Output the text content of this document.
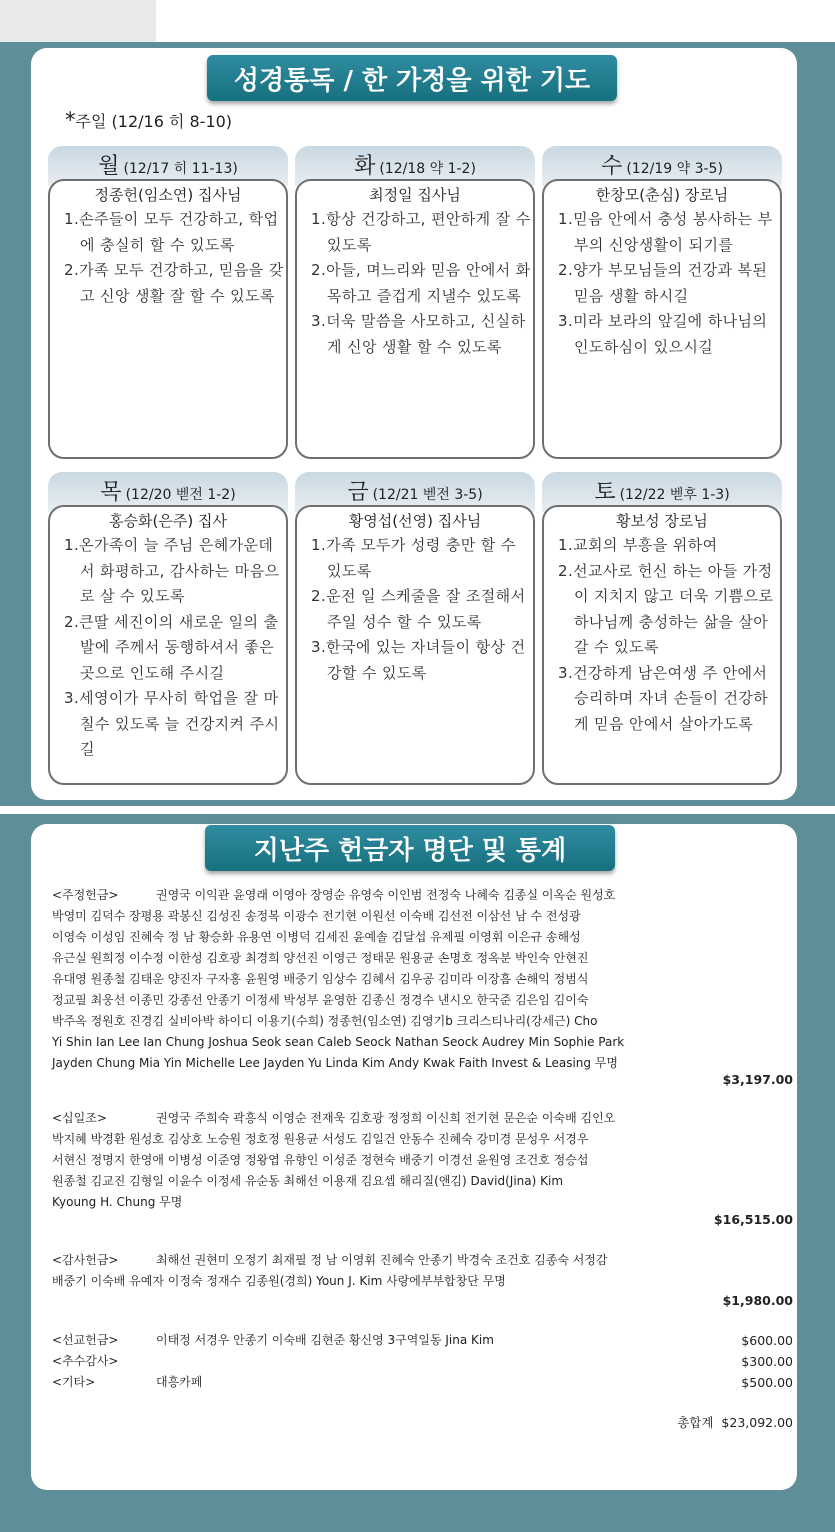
성경통독 / 한 가정을 위한 기도
*주일 (12/16 히 8-10)
월 (12/17 히 11-13)
정종헌(임소연) 집사님
1.손주들이 모두 건강하고, 학업에 충실히 할 수 있도록
2.가족 모두 건강하고, 믿음을 갖고 신앙 생활 잘 할 수 있도록
화 (12/18 약 1-2)
최정일 집사님
1.항상 건강하고, 편안하게 잘 수 있도록
2.아들, 며느리와 믿음 안에서 화목하고 즐겁게 지낼수 있도록
3.더욱 말씀을 사모하고, 신실하게 신앙 생활 할 수 있도록
수 (12/19 약 3-5)
한창모(춘심) 장로님
1.믿음 안에서 충성 봉사하는 부부의 신앙생활이 되기를
2.양가 부모님들의 건강과 복된 믿음 생활 하시길
3.미라 보라의 앞길에 하나님의 인도하심이 있으시길
목 (12/20 벧전 1-2)
홍승화(은주) 집사
1.온가족이 늘 주님 은혜가운데서 화평하고, 감사하는 마음으로 살 수 있도록
2.큰딸 세진이의 새로운 일의 출발에 주께서 동행하셔서 좋은 곳으로 인도해 주시길
3.세영이가 무사히 학업을 잘 마칠수 있도록 늘 건강지켜 주시길
금 (12/21 벧전 3-5)
황영섭(선영) 집사님
1.가족 모두가 성령 충만 할 수 있도록
2.운전 일 스케줄을 잘 조절해서 주일 성수 할 수 있도록
3.한국에 있는 자녀들이 항상 건강할 수 있도록
토 (12/22 벧후 1-3)
황보성 장로님
1.교회의 부흥을 위하여
2.선교사로 헌신 하는 아들 가정이 지치지 않고 더욱 기쁨으로 하나님께 충성하는 삶을 살아갈 수 있도록
3.건강하게 남은여생 주 안에서 승리하며 자녀 손들이 건강하게 믿음 안에서 살아가도록
지난주 헌금자 명단 및 통계
<주정헌금>	권영국 이익관 윤영래 이영아 장영순 유영숙 이인범 전정숙 나혜숙 김종실 이옥순 원성호
박영미 김덕수 장평용 곽봉신 김성진 송정복 이광수 전기현 이원선 이숙배 김선전 이삼선 남 수 전성광
이영숙 이성임 진혜숙 정 남 황승화 유용연 이병덕 김세진 윤예솔 김달섭 유제필 이영휘 이은규 송해성
유근실 원희정 이수정 이한성 김호광 최경희 양선진 이영근 정태문 원용균 손명호 정옥분 박인숙 안현진
유대영 원종철 김태운 양진자 구자홍 윤원영 배중기 임상수 김혜서 김우공 김미라 이장흠 손해익 정범식
정교필 최웅선 이종민 강종선 안종기 이정세 박성부 윤영한 김종신 정경수 낸시오 한국준 김은임 김이숙
박주옥 정원호 진경김 실비아박 하이디 이용기(수희) 정종헌(임소연) 김영기b 크리스티나리(강세근) Cho
Yi Shin Ian Lee Ian Chung Joshua Seok sean Caleb Seock Nathan Seock Audrey Min Sophie Park
Jayden Chung Mia Yin Michelle Lee Jayden Yu Linda Kim Andy Kwak Faith Invest & Leasing 무명
$3,197.00
<십일조>	권영국 주희숙 곽흥식 이영순 전재욱 김호광 정정희 이신희 전기현 문은순 이숙배 김인오
박지혜 박경환 원성호 김상호 노승원 정호정 원용균 서성도 김일건 안동수 진혜숙 강미경 문성우 서경우
서현신 정명지 한영애 이병성 이준영 정왕엽 유향인 이성준 정현숙 배중기 이경선 윤원영 조건호 정승섭
원종철 김교진 김형일 이윤수 이정세 유순동 최해선 이용재 김요셉 해리질(앤김) David(Jina) Kim
Kyoung H. Chung 무명
$16,515.00
<감사헌금>	최해선 권현미 오정기 최재필 정 남 이영휘 진혜숙 안종기 박경숙 조건호 김종숙 서정감
배중기 이숙배 유예자 이정숙 정재수 김종원(경희) Youn J. Kim 사랑에부부합창단 무명
$1,980.00
<선교헌금>	이태정 서경우 안종기 이숙배 김현준 황신영 3구역일동 Jina Kim	$600.00
<추수감사>	$300.00
<기타>	대흥카페	$500.00
총합계 $23,092.00
